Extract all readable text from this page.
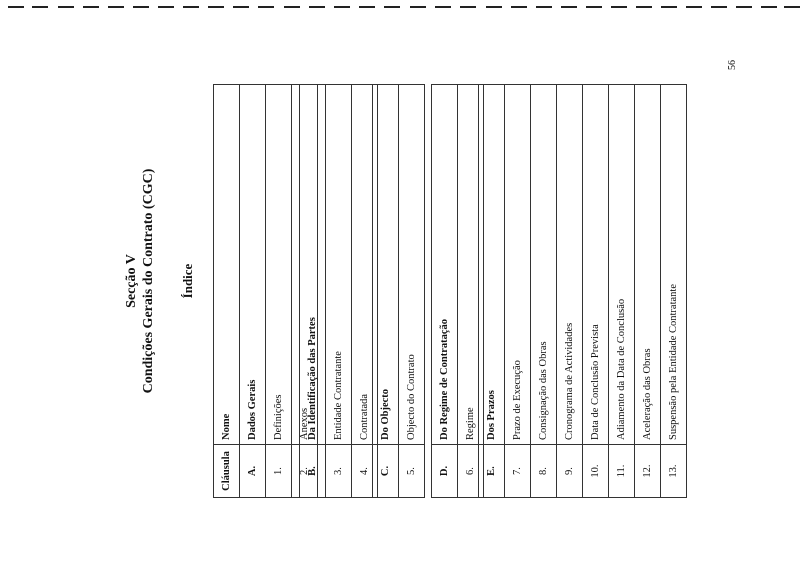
Secção V Condições Gerais do Contrato (CGC) Índice
Cláusula	Nome
A.	Dados Gerais
1.	Definições
2.	Anexos
B.	Da Identificação das Partes
3.	Entidade Contratante
4.	Contratada
C.	Do Objecto
5.	Objecto do Contrato
D.	Do Regime de Contratação
6.	Regime
E.	Dos Prazos
7.	Prazo de Execução
8.	Consignação das Obras
9.	Cronograma de Actividades
10.	Data de Conclusão Prevista
11.	Adiamento da Data de Conclusão
12.	Aceleração das Obras
13.	Suspensão pela Entidade Contratante
56
